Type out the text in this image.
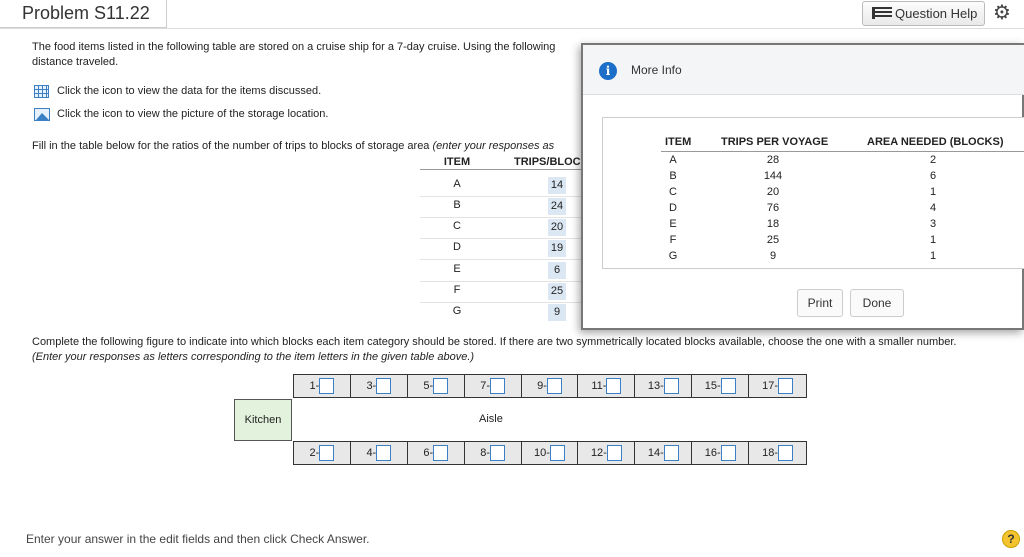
Problem S11.22	Question Help ⚙
The food items listed in the following table are stored on a cruise ship for a 7-day cruise. Using the following
distance traveled.
Click the icon to view the data for the items discussed.
Click the icon to view the picture of the storage location.
Fill in the table below for the ratios of the number of trips to blocks of storage area (enter your responses as
ITEM	TRIPS/BLOC
A	14
B	24
C	20
D	19
E	6
F	25
G	9
Complete the following figure to indicate into which blocks each item category should be stored. If there are two symmetrically located blocks available, choose the one with a smaller number.
(Enter your responses as letters corresponding to the item letters in the given table above.)
1-	3-	5-	7-	9-	11-	13-	15-	17-
Kitchen	Aisle
2-	4-	6-	8-	10-	12-	14-	16-	18-
Enter your answer in the edit fields and then click Check Answer.	?
i	More Info
ITEM	TRIPS PER VOYAGE	AREA NEEDED (BLOCKS)
A	28	2
B	144	6
C	20	1
D	76	4
E	18	3
F	25	1
G	9	1
Print	Done
